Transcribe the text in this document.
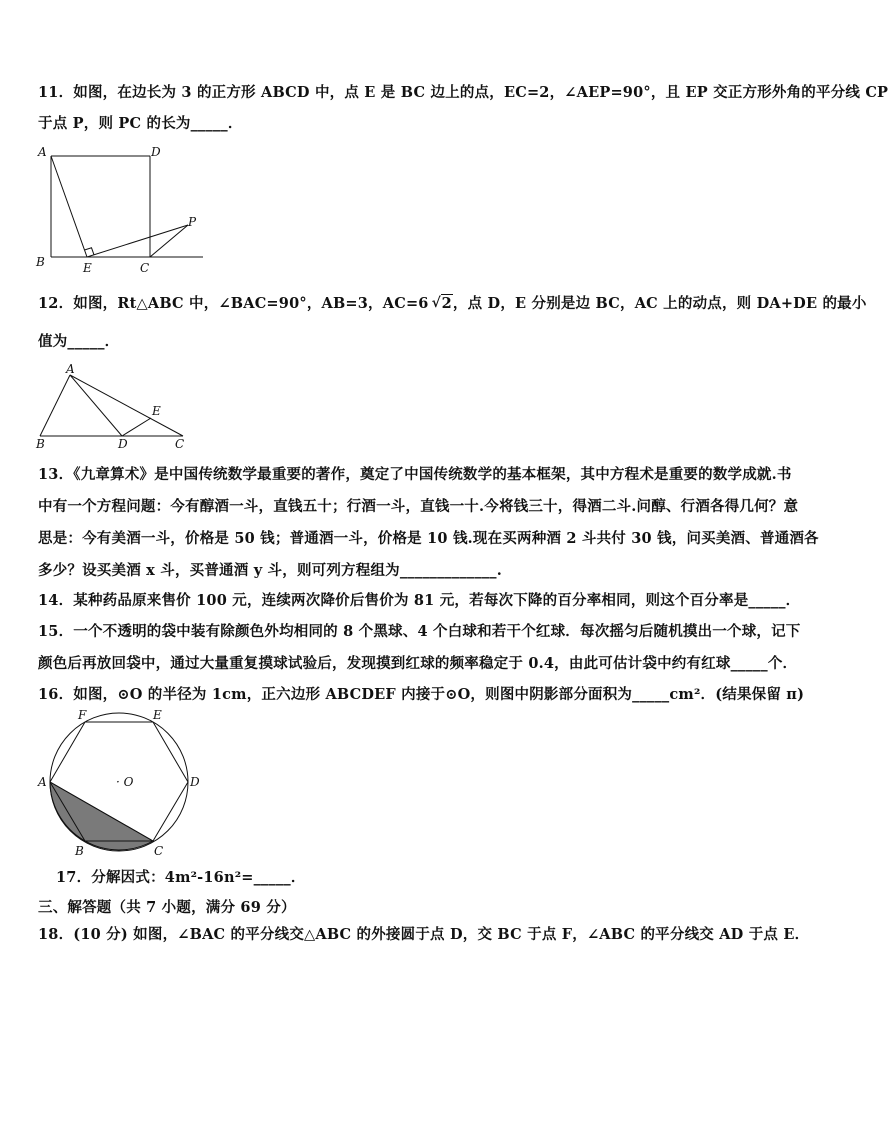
11．如图，在边长为 3 的正方形 ABCD 中，点 E 是 BC 边上的点，EC=2，∠AEP=90°，且 EP 交正方形外角的平分线 CP
于点 P，则 PC 的长为_____．
A	D
B	E	C
P
12．如图，Rt△ABC 中，∠BAC=90°，AB=3，AC=6 √ 2，点 D，E 分别是边 BC，AC 上的动点，则 DA+DE 的最小
值为_____．
A
B	D
E
C
13．《九章算术》是中国传统数学最重要的著作，奠定了中国传统数学的基本框架，其中方程术是重要的数学成就.书
中有一个方程问题：今有醇酒一斗，直钱五十；行酒一斗，直钱一十.今将钱三十，得酒二斗.问醇、行酒各得几何？意
思是：今有美酒一斗，价格是 50 钱；普通酒一斗，价格是 10 钱.现在买两种酒 2 斗共付 30 钱，问买美酒、普通酒各
多少？设买美酒 x 斗，买普通酒 y 斗，则可列方程组为_____________.
14．某种药品原来售价 100 元，连续两次降价后售价为 81 元，若每次下降的百分率相同，则这个百分率是_____．
15．一个不透明的袋中装有除颜色外均相同的 8 个黑球、4 个白球和若干个红球．每次摇匀后随机摸出一个球，记下
颜色后再放回袋中，通过大量重复摸球试验后，发现摸到红球的频率稳定于 0.4，由此可估计袋中约有红球_____个．
16．如图，⊙O 的半径为 1cm，正六边形 ABCDEF 内接于⊙O，则图中阴影部分面积为_____cm²．(结果保留 π)
F	E
A	· O	D
B	C
17．分解因式：4m²-16n²=_____．
三、解答题（共 7 小题，满分 69 分）
18．(10 分) 如图，∠BAC 的平分线交△ABC 的外接圆于点 D，交 BC 于点 F，∠ABC 的平分线交 AD 于点 E．
